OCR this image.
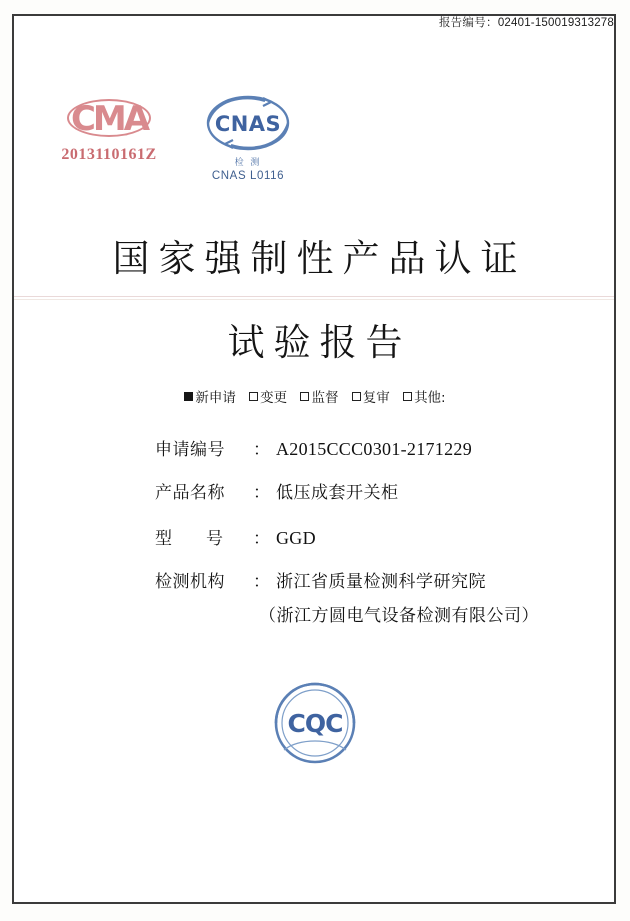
报告编号：02401-150019313278
CMA
2013110161Z
CNAS
检 测
CNAS L0116
国家强制性产品认证
试验报告
新申请 变更 监督 复审 其他:
申请编号	： A2015CCC0301-2171229
产品名称	： 低压成套开关柜
型　　号	： GGD
检测机构	： 浙江省质量检测科学研究院
（浙江方圆电气设备检测有限公司）
CQC
